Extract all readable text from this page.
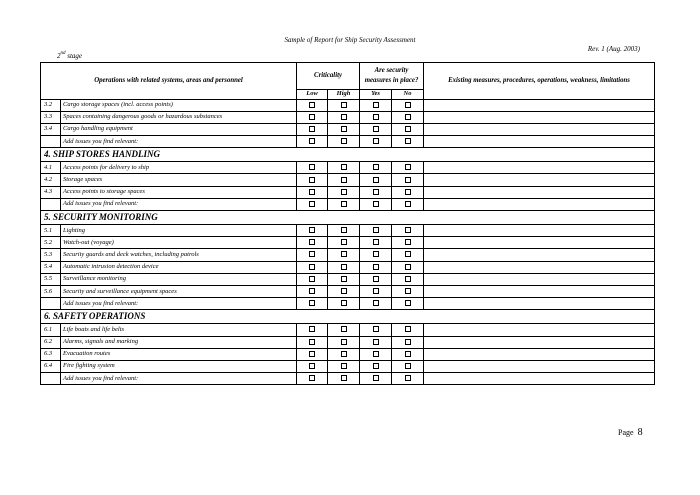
Sample of Report for Ship Security Assessment
Rev. 1 (Aug. 2003)
2nd stage
Operations with related systems, areas and personnel		Criticality		Are security measures in place?		Existing measures, procedures, operations, weakness, limitations
		Low	High	Yes	No	
3.2	Cargo storage spaces (incl. access points)					
3.3	Spaces containing dangerous goods or hazardous substances					
3.4	Cargo handling equipment					
	Add issues you find relevant:					
4. SHIP STORES HANDLING						
4.1	Access points for delivery to ship					
4.2	Storage spaces					
4.3	Access points to storage spaces					
	Add issues you find relevant:					
5. SECURITY MONITORING						
5.1	Lighting					
5.2	Watch-out (voyage)					
5.3	Security guards and deck watches, including patrols					
5.4	Automatic intrusion detection device					
5.5	Surveillance monitoring					
5.6	Security and surveillance equipment spaces					
	Add issues you find relevant:					
6. SAFETY OPERATIONS						
6.1	Life boats and life belts					
6.2	Alarms, signals and marking					
6.3	Evacuation routes					
6.4	Fire fighting system					
	Add issues you find relevant:					
Page 8
